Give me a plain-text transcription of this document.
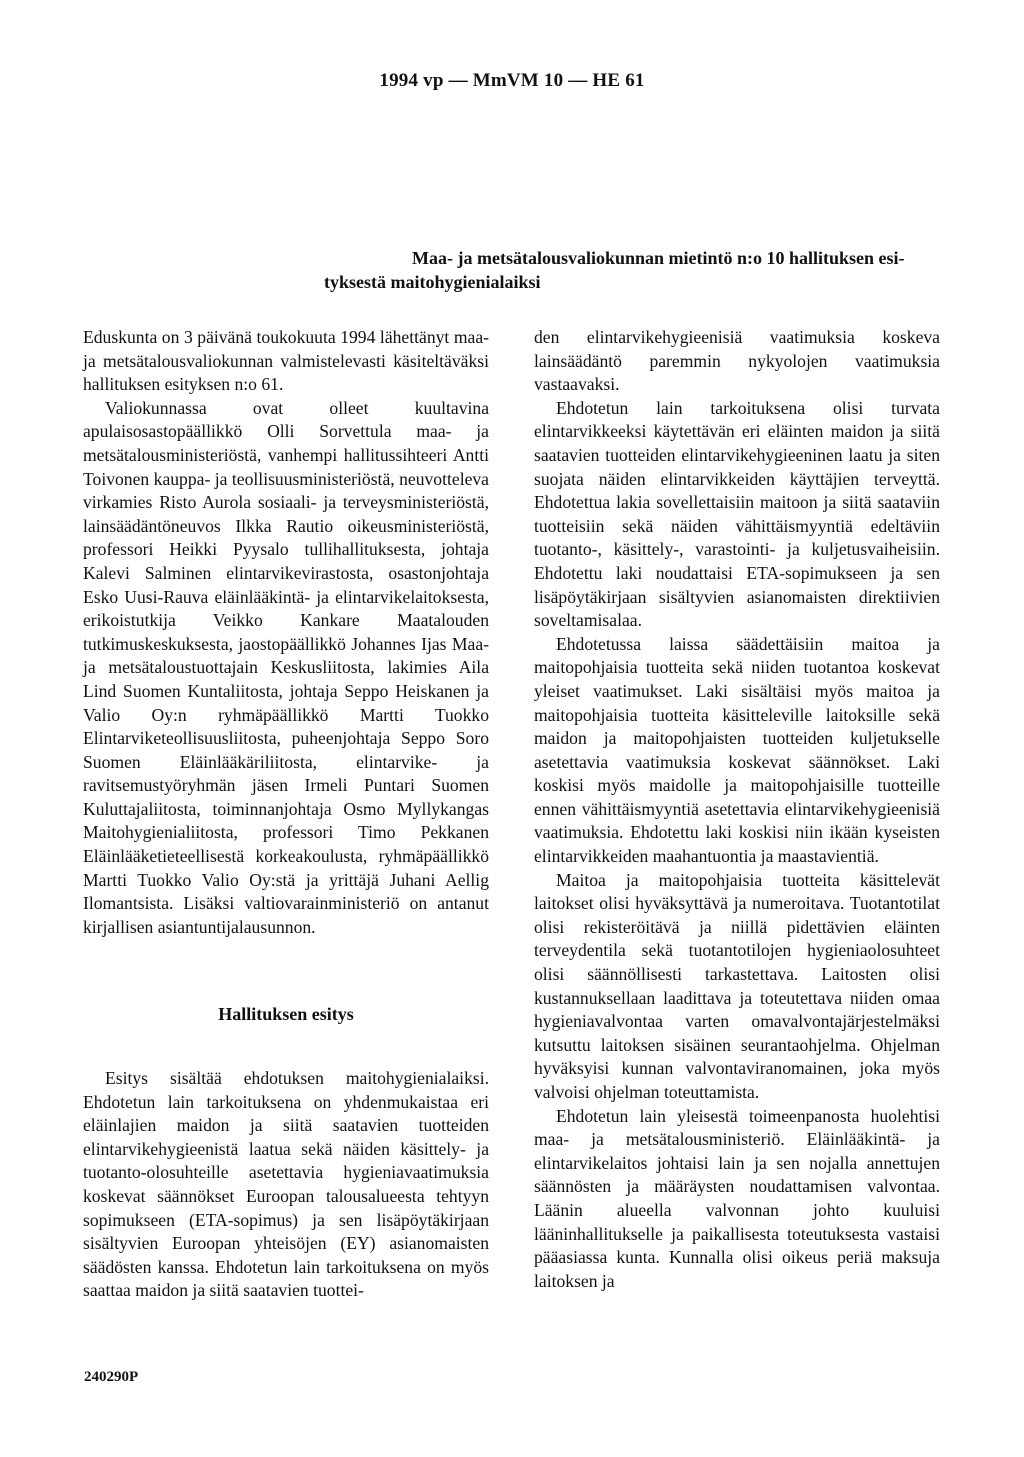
1994 vp — MmVM 10 — HE 61
Maa- ja metsätalousvaliokunnan mietintö n:o 10 hallituksen esi-
tyksestä maitohygienialaiksi

Eduskunta on 3 päivänä toukokuuta 1994 lähettänyt maa- ja metsätalousvaliokunnan valmistelevasti käsiteltäväksi hallituksen esityksen n:o 61.

Valiokunnassa ovat olleet kuultavina apulaisosastopäällikkö Olli Sorvettula maa- ja metsätalousministeriöstä, vanhempi hallitussihteeri Antti Toivonen kauppa- ja teollisuusministeriöstä, neuvotteleva virkamies Risto Aurola sosiaali- ja terveysministeriöstä, lainsäädäntöneuvos Ilkka Rautio oikeusministeriöstä, professori Heikki Pyysalo tullihallituksesta, johtaja Kalevi Salminen elintarvikevirastosta, osastonjohtaja Esko Uusi-Rauva eläinlääkintä- ja elintarvikelaitoksesta, erikoistutkija Veikko Kankare Maatalouden tutkimuskeskuksesta, jaostopäällikkö Johannes Ijas Maa- ja metsätaloustuottajain Keskusliitosta, lakimies Aila Lind Suomen Kuntaliitosta, johtaja Seppo Heiskanen ja Valio Oy:n ryhmäpäällikkö Martti Tuokko Elintarviketeollisuusliitosta, puheenjohtaja Seppo Soro Suomen Eläinlääkäriliitosta, elintarvike- ja ravitsemustyöryhmän jäsen Irmeli Puntari Suomen Kuluttajaliitosta, toiminnanjohtaja Osmo Myllykangas Maitohygienialiitosta, professori Timo Pekkanen Eläinlääketieteellisestä korkeakoulusta, ryhmäpäällikkö Martti Tuokko Valio Oy:stä ja yrittäjä Juhani Aellig Ilomantsista. Lisäksi valtiovarainministeriö on antanut kirjallisen asiantuntijalausunnon.

Hallituksen esitys

Esitys sisältää ehdotuksen maitohygienialaiksi. Ehdotetun lain tarkoituksena on yhdenmukaistaa eri eläinlajien maidon ja siitä saatavien tuotteiden elintarvikehygieenistä laatua sekä näiden käsittely- ja tuotanto-olosuhteille asetettavia hygieniavaatimuksia koskevat säännökset Euroopan talousalueesta tehtyyn sopimukseen (ETA-sopimus) ja sen lisäpöytäkirjaan sisältyvien Euroopan yhteisöjen (EY) asianomaisten säädösten kanssa. Ehdotetun lain tarkoituksena on myös saattaa maidon ja siitä saatavien tuottei-

den elintarvikehygieenisiä vaatimuksia koskeva lainsäädäntö paremmin nykyolojen vaatimuksia vastaavaksi.

Ehdotetun lain tarkoituksena olisi turvata elintarvikkeeksi käytettävän eri eläinten maidon ja siitä saatavien tuotteiden elintarvikehygieeninen laatu ja siten suojata näiden elintarvikkeiden käyttäjien terveyttä. Ehdotettua lakia sovellettaisiin maitoon ja siitä saataviin tuotteisiin sekä näiden vähittäismyyntiä edeltäviin tuotanto-, käsittely-, varastointi- ja kuljetusvaiheisiin. Ehdotettu laki noudattaisi ETA-sopimukseen ja sen lisäpöytäkirjaan sisältyvien asianomaisten direktiivien soveltamisalaa.

Ehdotetussa laissa säädettäisiin maitoa ja maitopohjaisia tuotteita sekä niiden tuotantoa koskevat yleiset vaatimukset. Laki sisältäisi myös maitoa ja maitopohjaisia tuotteita käsitteleville laitoksille sekä maidon ja maitopohjaisten tuotteiden kuljetukselle asetettavia vaatimuksia koskevat säännökset. Laki koskisi myös maidolle ja maitopohjaisille tuotteille ennen vähittäismyyntiä asetettavia elintarvikehygieenisiä vaatimuksia. Ehdotettu laki koskisi niin ikään kyseisten elintarvikkeiden maahantuontia ja maastavientiä.

Maitoa ja maitopohjaisia tuotteita käsittelevät laitokset olisi hyväksyttävä ja numeroitava. Tuotantotilat olisi rekisteröitävä ja niillä pidettävien eläinten terveydentila sekä tuotantotilojen hygieniaolosuhteet olisi säännöllisesti tarkastettava. Laitosten olisi kustannuksellaan laadittava ja toteutettava niiden omaa hygieniavalvontaa varten omavalvontajärjestelmäksi kutsuttu laitoksen sisäinen seurantaohjelma. Ohjelman hyväksyisi kunnan valvontaviranomainen, joka myös valvoisi ohjelman toteuttamista.

Ehdotetun lain yleisestä toimeenpanosta huolehtisi maa- ja metsätalousministeriö. Eläinlääkintä- ja elintarvikelaitos johtaisi lain ja sen nojalla annettujen säännösten ja määräysten noudattamisen valvontaa. Läänin alueella valvonnan johto kuuluisi lääninhallitukselle ja paikallisesta toteutuksesta vastaisi pääasiassa kunta. Kunnalla olisi oikeus periä maksuja laitoksen ja

240290P
